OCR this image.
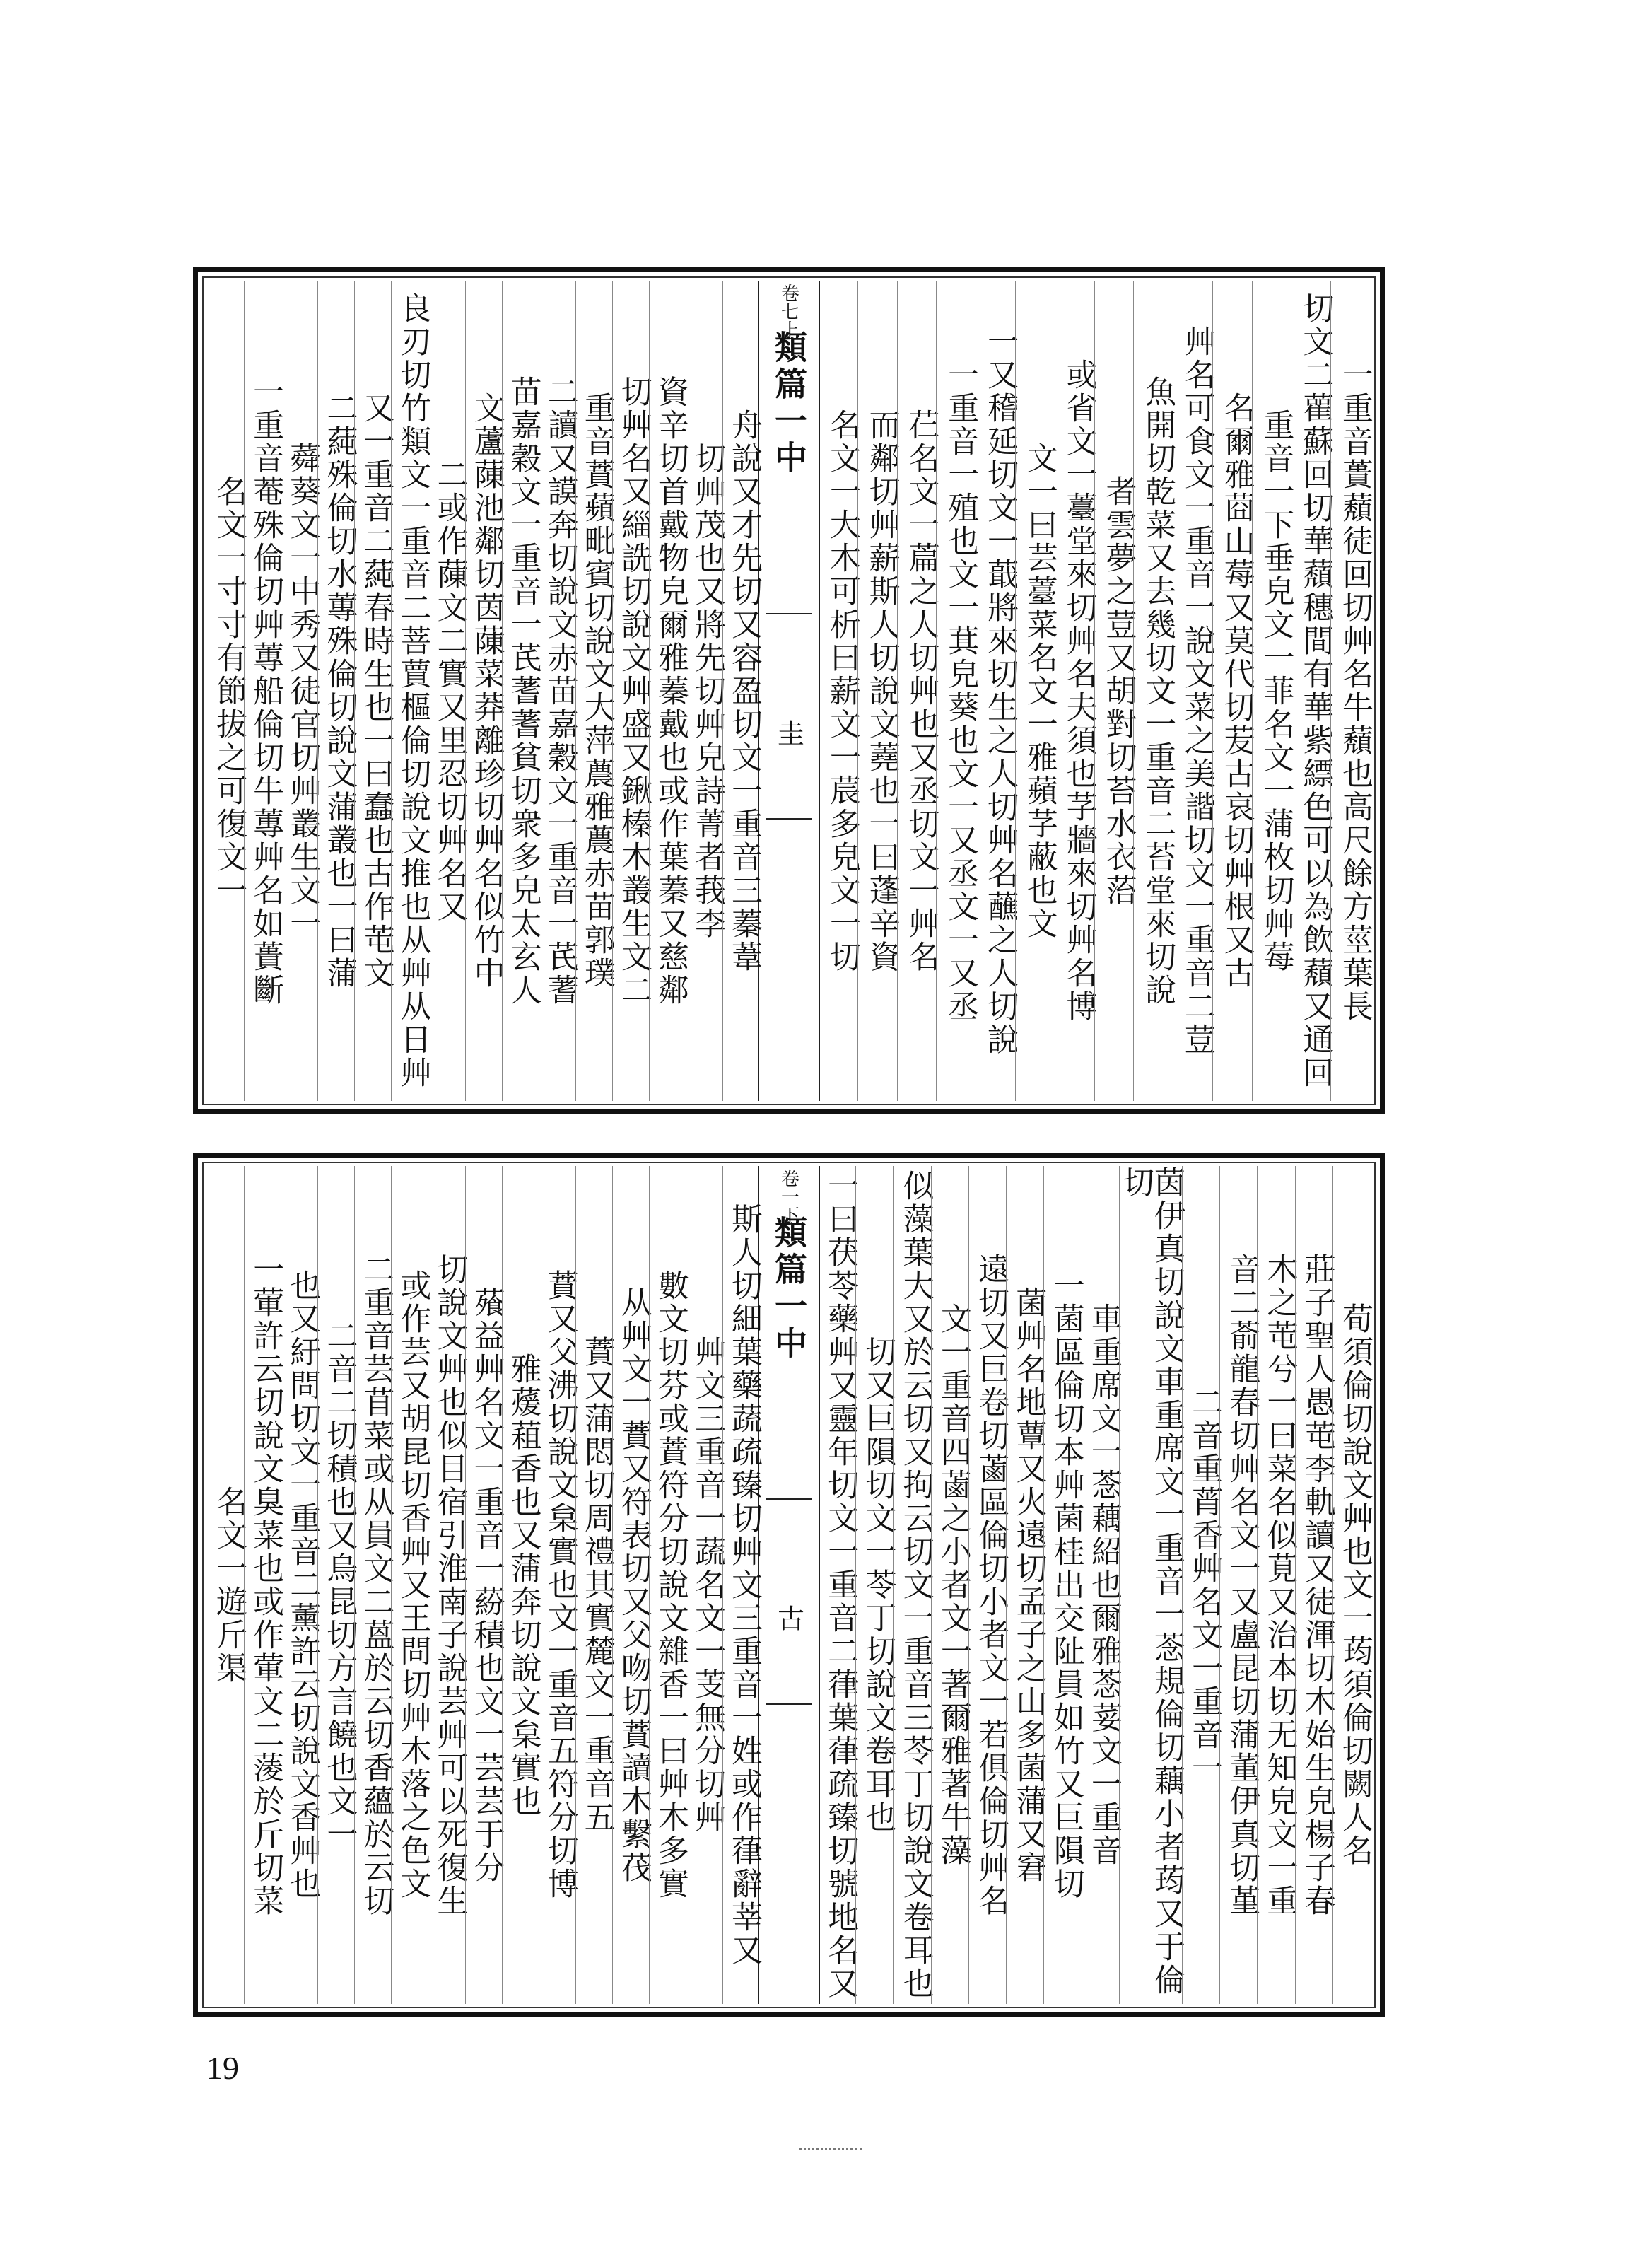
一重音蕢蘈徒回切艸名牛蘈也高尺餘方莖葉長
切文二雚蘇回切華蘈穗間有華紫縹色可以為飲蘈又通回
重音一下垂皃文一菲名文一蒲枚切艸莓
名爾雅莔山莓又莫代切苃古哀切艸根又古
艸名可食文一重音一說文菜之美諧切文一重音二荳
魚開切乾菜又去幾切文一重音二苔堂來切說
者雲夢之荳又胡對切苔水衣菭
或省文一薹堂來切艸名夫須也芓牆來切艸名博
文一曰芸薹菜名文一雅蘋芓蔽也文
一又稽延切文一蕺將來切生之人切艸名蘸之人切說
一重音一殖也文一萁皃葵也文一又丞文一又丞
芢名文一萹之人切艸也又丞切文一艸名
而鄰切艸薪斯人切說文蕘也一曰蓬辛資
名文一大木可析曰薪文一莀多皃文一切
卷七上
類篇一中
圭
舟說又才先切又容盈切文一重音三蓁葦
切艸茂也又將先切艸皃詩菁者莪李
資辛切首戴物皃爾雅蓁戴也或作葉蓁又慈鄰
切艸名又緇詵切說文艸盛又鍬榛木叢生文二
重音蕡蘋毗賓切說文大萍蕽雅蕽赤苗郭璞
二讀又謨奔切說文赤苗嘉穀文一重音一芪蓍
苗嘉穀文一重音一芪蓍蓍貧切衆多皃太玄人
文蘆蔯池鄰切茵蔯菜莽離珍切艸名似竹中
二或作蔯文二實又里忍切艸名又
良刃切竹類文一重音二菩蕒樞倫切說文推也从艸从日艸
又一重音二蒓春時生也一曰蠢也古作芚文
二蒓殊倫切水蓴殊倫切說文蒲叢也一曰蒲
蕣葵文一中秀又徒官切艸叢生文一
一重音菴殊倫切艸蓴船倫切牛蓴艸名如蕢斷
名文一寸寸有節拔之可復文一
荀須倫切說文艸也文一荺須倫切闕人名
莊子聖人愚芚李軌讀又徒渾切木始生皃楊子春
木之芚兮一曰菜名似莧又治本切无知皃文一重
音二萮龍春切艸名文一又盧昆切蒲董伊真切堇
二音重莦香艸名文一重音一
茵伊真切說文車重席文一重音一菍規倫切藕小者荺又于倫切
車重席文一菍藕紹也爾雅菍荽文一重音
一菌區倫切本艸菌桂出交阯員如竹又巨隕切
菌艸名地蕈又火遠切孟子之山多菌蒲又窘
遠切又巨卷切蓾區倫切小者文一若俱倫切艸名
文一重音四蓾之小者文一著爾雅著牛藻
似藻葉大又於云切又拘云切文一重音三苓丁切說文卷耳也
切又巨隕切文一苓丁切說文卷耳也
一曰茯苓藥艸又靈年切文一重音二葎葉葎疏臻切號地名又
卷一下
類篇一中
古
斯人切細葉藥蔬疏臻切艸文三重音一姓或作葎辭莘又
艸文三重音一蔬名文一芰無分切艸
數文切芬或蕡符分切說文雜香一曰艸木多實
从艸文一蕡又符表切又父吻切蕡讀木繫茷
蕡又蒲悶切周禮其實麓文一重音五
蕡又父沸切說文枲實也文一重音五符分切博
雅蕿蒩香也又蒲奔切說文枲實也
蕵益艸名文一重音一蒶積也文一芸芸于分
切說文艸也似目宿引淮南子說芸艸可以死復生
或作芸又胡昆切香艸又王問切艸木落之色文
二重音芸苜菜或从員文二蒕於云切香蘊於云切
二音二切積也又烏昆切方言饒也文一
也又紆問切文一重音二薰許云切說文香艸也
一葷許云切說文臭菜也或作葷文二蔆於斤切菜
名文一遊斤渠
19
